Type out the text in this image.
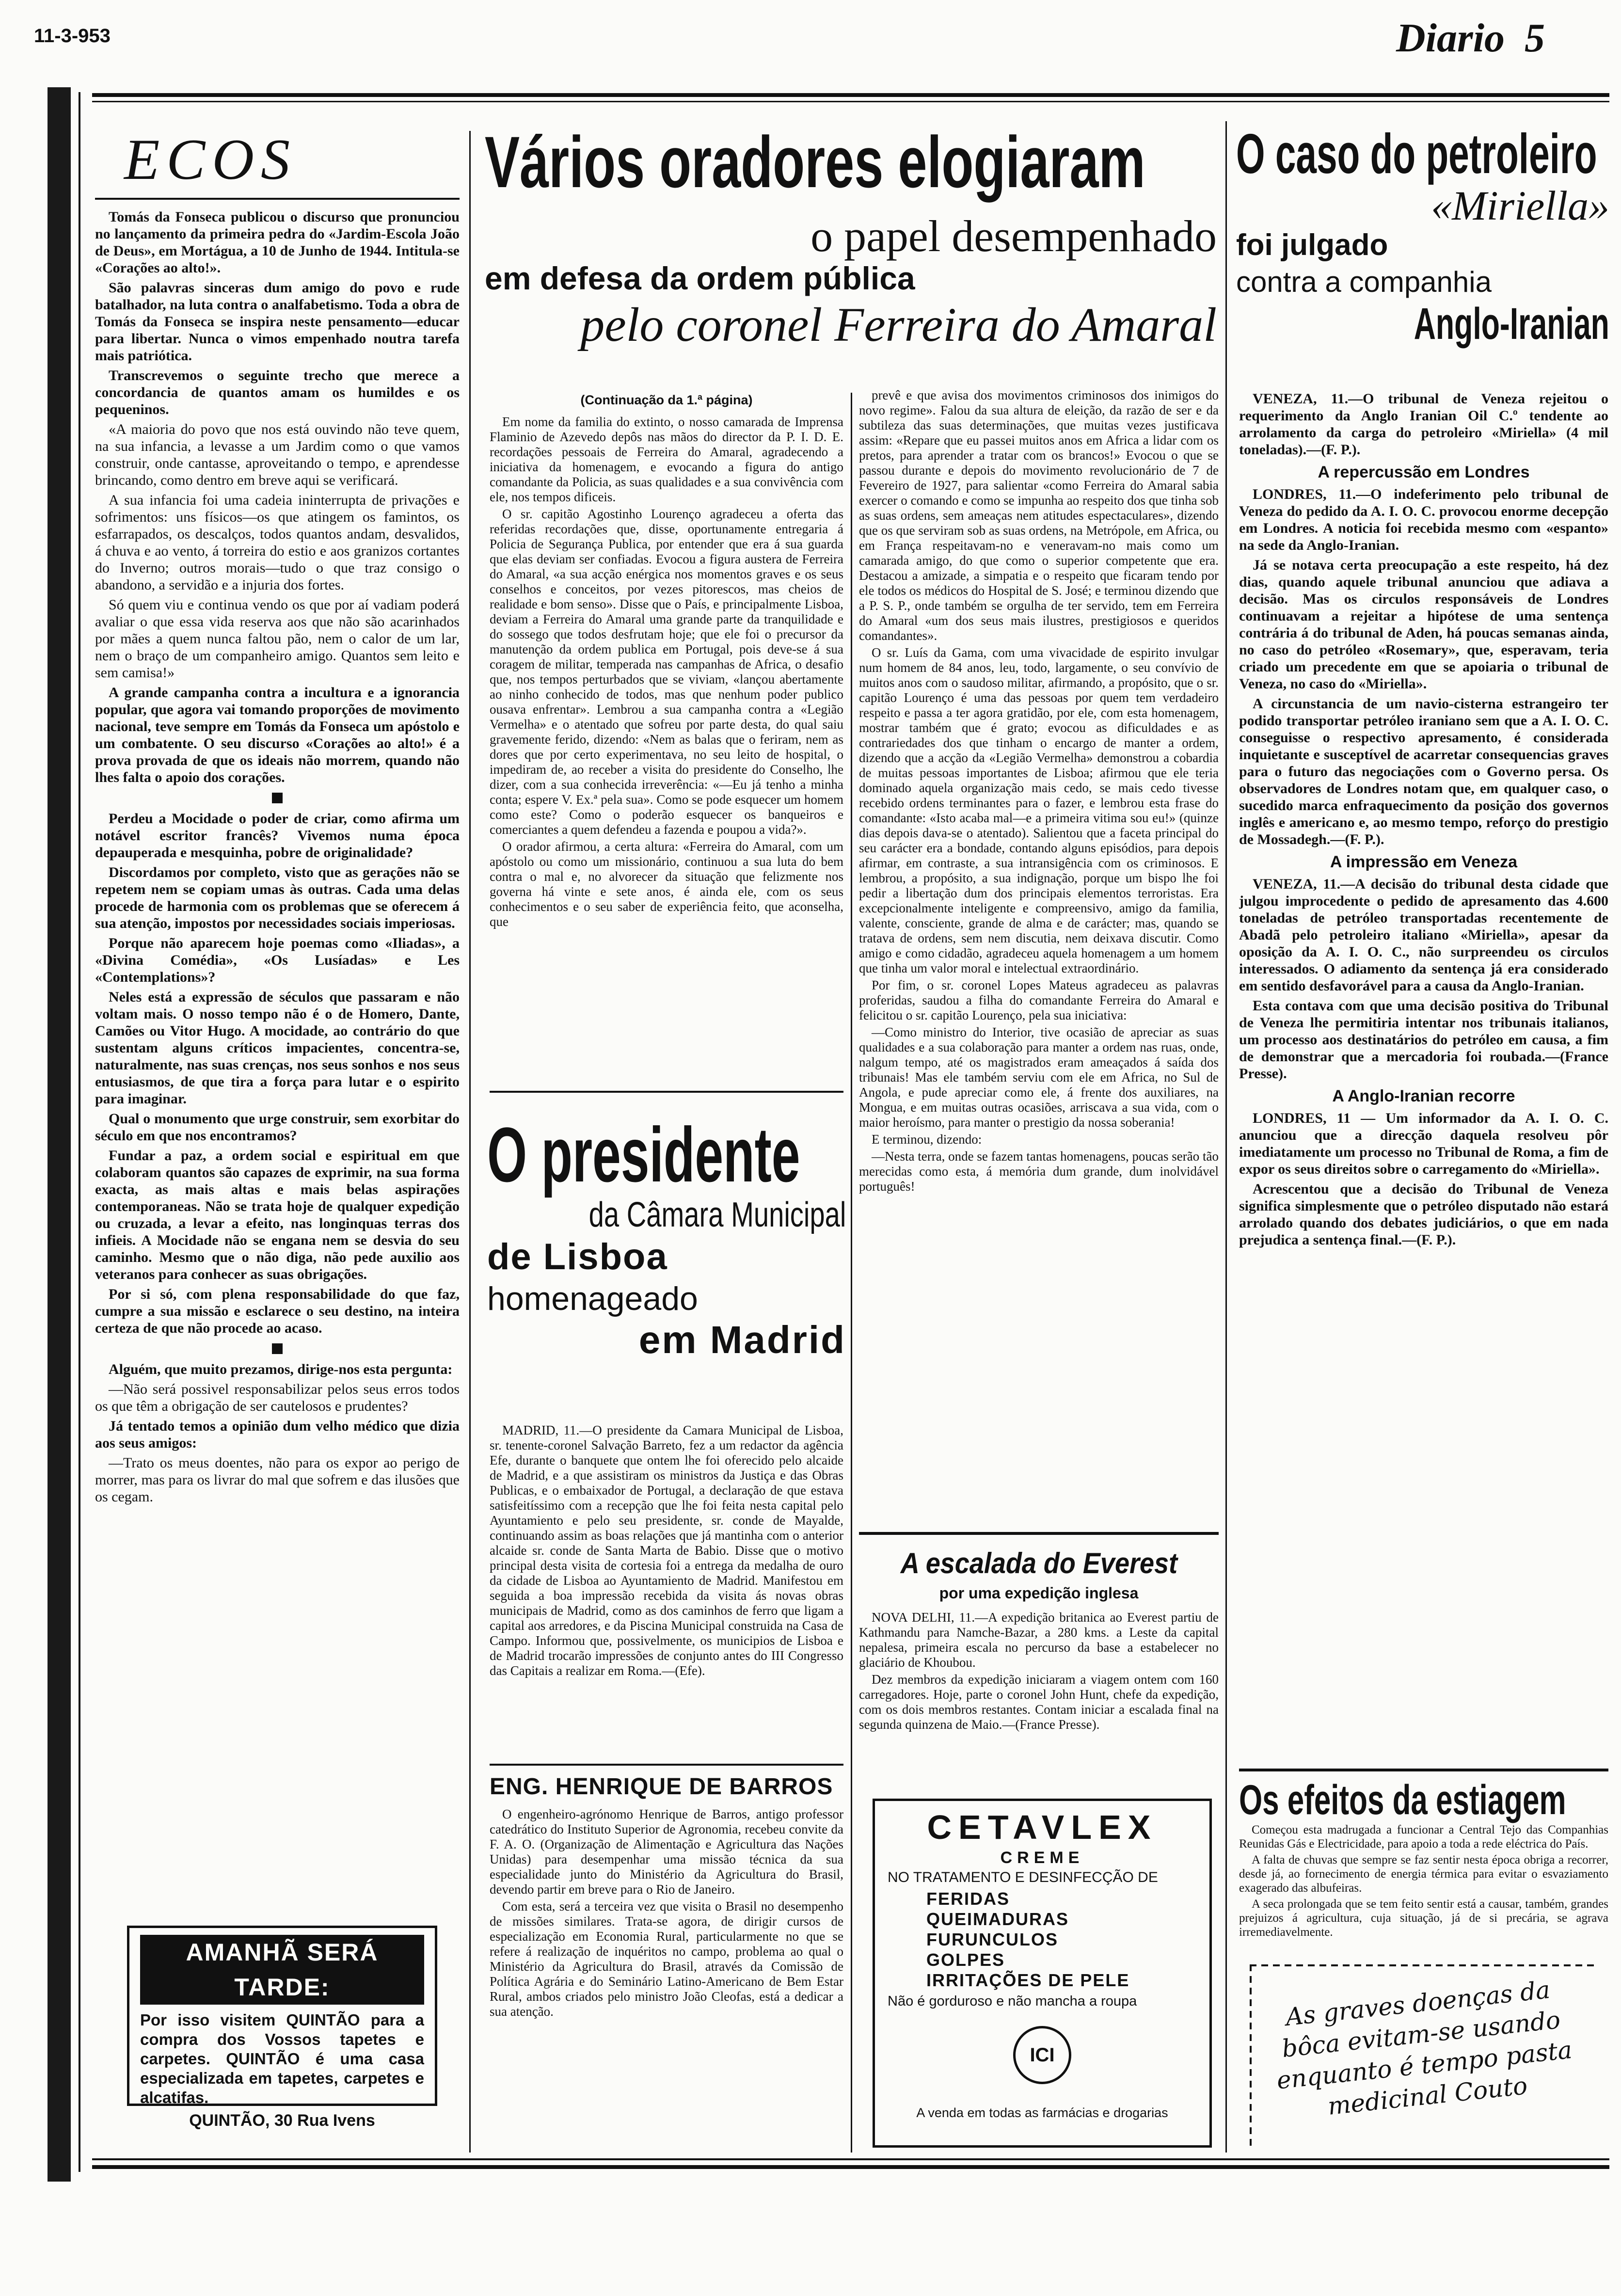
11-3-953	Diario 5
ECOS

Tomás da Fonseca publicou o discurso que pronunciou no lançamento da primeira pedra do «Jardim-Escola João de Deus», em Mortágua, a 10 de Junho de 1944. Intitula-se «Corações ao alto!».

São palavras sinceras dum amigo do povo e rude batalhador, na luta contra o analfabetismo. Toda a obra de Tomás da Fonseca se inspira neste pensamento—educar para libertar. Nunca o vimos empenhado noutra tarefa mais patriótica.

Transcrevemos o seguinte trecho que merece a concordancia de quantos amam os humildes e os pequeninos.

«A maioria do povo que nos está ouvindo não teve quem, na sua infancia, a levasse a um Jardim como o que vamos construir, onde cantasse, aproveitando o tempo, e aprendesse brincando, como dentro em breve aqui se verificará.

A sua infancia foi uma cadeia ininterrupta de privações e sofrimentos: uns físicos—os que atingem os famintos, os esfarrapados, os descalços, todos quantos andam, desvalidos, á chuva e ao vento, á torreira do estio e aos granizos cortantes do Inverno; outros morais—tudo o que traz consigo o abandono, a servidão e a injuria dos fortes.

Só quem viu e continua vendo os que por aí vadiam poderá avaliar o que essa vida reserva aos que não são acarinhados por mães a quem nunca faltou pão, nem o calor de um lar, nem o braço de um companheiro amigo. Quantos sem leito e sem camisa!»

A grande campanha contra a incultura e a ignorancia popular, que agora vai tomando proporções de movimento nacional, teve sempre em Tomás da Fonseca um apóstolo e um combatente. O seu discurso «Corações ao alto!» é a prova provada de que os ideais não morrem, quando não lhes falta o apoio dos corações.

Perdeu a Mocidade o poder de criar, como afirma um notável escritor francês? Vivemos numa época depauperada e mesquinha, pobre de originalidade?

Discordamos por completo, visto que as gerações não se repetem nem se copiam umas às outras. Cada uma delas procede de harmonia com os problemas que se oferecem á sua atenção, impostos por necessidades sociais imperiosas.

Porque não aparecem hoje poemas como «Iliadas», a «Divina Comédia», «Os Lusíadas» e Les «Contemplations»?

Neles está a expressão de séculos que passaram e não voltam mais. O nosso tempo não é o de Homero, Dante, Camões ou Vitor Hugo. A mocidade, ao contrário do que sustentam alguns críticos impacientes, concentra-se, naturalmente, nas suas crenças, nos seus sonhos e nos seus entusiasmos, de que tira a força para lutar e o espirito para imaginar.

Qual o monumento que urge construir, sem exorbitar do século em que nos encontramos?

Fundar a paz, a ordem social e espiritual em que colaboram quantos são capazes de exprimir, na sua forma exacta, as mais altas e mais belas aspirações contemporaneas. Não se trata hoje de qualquer expedição ou cruzada, a levar a efeito, nas longinquas terras dos infieis. A Mocidade não se engana nem se desvia do seu caminho. Mesmo que o não diga, não pede auxilio aos veteranos para conhecer as suas obrigações.

Por si só, com plena responsabilidade do que faz, cumpre a sua missão e esclarece o seu destino, na inteira certeza de que não procede ao acaso.

Alguém, que muito prezamos, dirige-nos esta pergunta:

—Não será possivel responsabilizar pelos seus erros todos os que têm a obrigação de ser cautelosos e prudentes?

Já tentado temos a opinião dum velho médico que dizia aos seus amigos:

—Trato os meus doentes, não para os expor ao perigo de morrer, mas para os livrar do mal que sofrem e das ilusões que os cegam.

AMANHÃ SERÁ TARDE:
Por isso visitem QUINTÃO para a compra dos Vossos tapetes e carpetes. QUINTÃO é uma casa especializada em tapetes, carpetes e alcatifas.
QUINTÃO, 30 Rua Ivens
Vários oradores elogiaram
o papel desempenhado
em defesa da ordem pública
pelo coronel Ferreira do Amaral
(Continuação da 1.ª página)

Em nome da familia do extinto, o nosso camarada de Imprensa Flaminio de Azevedo depôs nas mãos do director da P. I. D. E. recordações pessoais de Ferreira do Amaral, agradecendo a iniciativa da homenagem, e evocando a figura do antigo comandante da Policia, as suas qualidades e a sua convivência com ele, nos tempos dificeis.

O sr. capitão Agostinho Lourenço agradeceu a oferta das referidas recordações que, disse, oportunamente entregaria á Policia de Segurança Publica, por entender que era á sua guarda que elas deviam ser confiadas. Evocou a figura austera de Ferreira do Amaral, «a sua acção enérgica nos momentos graves e os seus conselhos e conceitos, por vezes pitorescos, mas cheios de realidade e bom senso». Disse que o País, e principalmente Lisboa, deviam a Ferreira do Amaral uma grande parte da tranquilidade e do sossego que todos desfrutam hoje; que ele foi o precursor da manutenção da ordem publica em Portugal, pois deve-se á sua coragem de militar, temperada nas campanhas de Africa, o desafio que, nos tempos perturbados que se viviam, «lançou abertamente ao ninho conhecido de todos, mas que nenhum poder publico ousava enfrentar». Lembrou a sua campanha contra a «Legião Vermelha» e o atentado que sofreu por parte desta, do qual saiu gravemente ferido, dizendo: «Nem as balas que o feriram, nem as dores que por certo experimentava, no seu leito de hospital, o impediram de, ao receber a visita do presidente do Conselho, lhe dizer, com a sua conhecida irreverência: «—Eu já tenho a minha conta; espere V. Ex.ª pela sua». Como se pode esquecer um homem como este? Como o poderão esquecer os banqueiros e comerciantes a quem defendeu a fazenda e poupou a vida?».

O orador afirmou, a certa altura: «Ferreira do Amaral, com um apóstolo ou como um missionário, continuou a sua luta do bem contra o mal e, no alvorecer da situação que felizmente nos governa há vinte e sete anos, é ainda ele, com os seus conhecimentos e o seu saber de experiência feito, que aconselha, que

prevê e que avisa dos movimentos criminosos dos inimigos do novo regime». Falou da sua altura de eleição, da razão de ser e da subtileza das suas determinações, que muitas vezes justificava assim: «Repare que eu passei muitos anos em Africa a lidar com os pretos, para aprender a tratar com os brancos!» Evocou o que se passou durante e depois do movimento revolucionário de 7 de Fevereiro de 1927, para salientar «como Ferreira do Amaral sabia exercer o comando e como se impunha ao respeito dos que tinha sob as suas ordens, sem ameaças nem atitudes espectaculares», dizendo que os que serviram sob as suas ordens, na Metrópole, em Africa, ou em França respeitavam-no e veneravam-no mais como um camarada amigo, do que como o superior competente que era. Destacou a amizade, a simpatia e o respeito que ficaram tendo por ele todos os médicos do Hospital de S. José; e terminou dizendo que a P. S. P., onde também se orgulha de ter servido, tem em Ferreira do Amaral «um dos seus mais ilustres, prestigiosos e queridos comandantes».

O sr. Luís da Gama, com uma vivacidade de espirito invulgar num homem de 84 anos, leu, todo, largamente, o seu convívio de muitos anos com o saudoso militar, afirmando, a propósito, que o sr. capitão Lourenço é uma das pessoas por quem tem verdadeiro respeito e passa a ter agora gratidão, por ele, com esta homenagem, mostrar também que é grato; evocou as dificuldades e as contrariedades dos que tinham o encargo de manter a ordem, dizendo que a acção da «Legião Vermelha» demonstrou a cobardia de muitas pessoas importantes de Lisboa; afirmou que ele teria dominado aquela organização mais cedo, se mais cedo tivesse recebido ordens terminantes para o fazer, e lembrou esta frase do comandante: «Isto acaba mal—e a primeira vitima sou eu!» (quinze dias depois dava-se o atentado). Salientou que a faceta principal do seu carácter era a bondade, contando alguns episódios, para depois afirmar, em contraste, a sua intransigência com os criminosos. E lembrou, a propósito, a sua indignação, porque um bispo lhe foi pedir a libertação dum dos principais elementos terroristas. Era excepcionalmente inteligente e compreensivo, amigo da familia, valente, consciente, grande de alma e de carácter; mas, quando se tratava de ordens, sem nem discutia, nem deixava discutir. Como amigo e como cidadão, agradeceu aquela homenagem a um homem que tinha um valor moral e intelectual extraordinário.

Por fim, o sr. coronel Lopes Mateus agradeceu as palavras proferidas, saudou a filha do comandante Ferreira do Amaral e felicitou o sr. capitão Lourenço, pela sua iniciativa:

—Como ministro do Interior, tive ocasião de apreciar as suas qualidades e a sua colaboração para manter a ordem nas ruas, onde, nalgum tempo, até os magistrados eram ameaçados á saída dos tribunais! Mas ele também serviu com ele em Africa, no Sul de Angola, e pude apreciar como ele, á frente dos auxiliares, na Mongua, e em muitas outras ocasiões, arriscava a sua vida, com o maior heroísmo, para manter o prestigio da nossa soberania!

E terminou, dizendo:

—Nesta terra, onde se fazem tantas homenagens, poucas serão tão merecidas como esta, á memória dum grande, dum inolvidável português!

O presidente
da Câmara Municipal
de Lisboa
homenageado
em Madrid

MADRID, 11.—O presidente da Camara Municipal de Lisboa, sr. tenente-coronel Salvação Barreto, fez a um redactor da agência Efe, durante o banquete que ontem lhe foi oferecido pelo alcaide de Madrid, e a que assistiram os ministros da Justiça e das Obras Publicas, e o embaixador de Portugal, a declaração de que estava satisfeitíssimo com a recepção que lhe foi feita nesta capital pelo Ayuntamiento e pelo seu presidente, sr. conde de Mayalde, continuando assim as boas relações que já mantinha com o anterior alcaide sr. conde de Santa Marta de Babio. Disse que o motivo principal desta visita de cortesia foi a entrega da medalha de ouro da cidade de Lisboa ao Ayuntamiento de Madrid. Manifestou em seguida a boa impressão recebida da visita ás novas obras municipais de Madrid, como as dos caminhos de ferro que ligam a capital aos arredores, e da Piscina Municipal construida na Casa de Campo. Informou que, possivelmente, os municipios de Lisboa e de Madrid trocarão impressões de conjunto antes do III Congresso das Capitais a realizar em Roma.—(Efe).

ENG. HENRIQUE DE BARROS

O engenheiro-agrónomo Henrique de Barros, antigo professor catedrático do Instituto Superior de Agronomia, recebeu convite da F. A. O. (Organização de Alimentação e Agricultura das Nações Unidas) para desempenhar uma missão técnica da sua especialidade junto do Ministério da Agricultura do Brasil, devendo partir em breve para o Rio de Janeiro.

Com esta, será a terceira vez que visita o Brasil no desempenho de missões similares. Trata-se agora, de dirigir cursos de especialização em Economia Rural, particularmente no que se refere á realização de inquéritos no campo, problema ao qual o Ministério da Agricultura do Brasil, através da Comissão de Política Agrária e do Seminário Latino-Americano de Bem Estar Rural, ambos criados pelo ministro João Cleofas, está a dedicar a sua atenção.

A escalada do Everest
por uma expedição inglesa

NOVA DELHI, 11.—A expedição britanica ao Everest partiu de Kathmandu para Namche-Bazar, a 280 kms. a Leste da capital nepalesa, primeira escala no percurso da base a estabelecer no glaciário de Khoubou.

Dez membros da expedição iniciaram a viagem ontem com 160 carregadores. Hoje, parte o coronel John Hunt, chefe da expedição, com os dois membros restantes. Contam iniciar a escalada final na segunda quinzena de Maio.—(France Presse).

CETAVLEX
CREME
NO TRATAMENTO E DESINFECÇÃO DE
FERIDAS
QUEIMADURAS
FURUNCULOS
GOLPES
IRRITAÇÕES DE PELE
Não é gorduroso e não mancha a roupa
ICI
A venda em todas as farmácias e drogarias
O caso do petroleiro
«Miriella»
foi julgado
contra a companhia
Anglo-Iranian

VENEZA, 11.—O tribunal de Veneza rejeitou o requerimento da Anglo Iranian Oil C.º tendente ao arrolamento da carga do petroleiro «Miriella» (4 mil toneladas).—(F. P.).

A repercussão em Londres

LONDRES, 11.—O indeferimento pelo tribunal de Veneza do pedido da A. I. O. C. provocou enorme decepção em Londres. A noticia foi recebida mesmo com «espanto» na sede da Anglo-Iranian.

Já se notava certa preocupação a este respeito, há dez dias, quando aquele tribunal anunciou que adiava a decisão. Mas os circulos responsáveis de Londres continuavam a rejeitar a hipótese de uma sentença contrária á do tribunal de Aden, há poucas semanas ainda, no caso do petróleo «Rosemary», que, esperavam, teria criado um precedente em que se apoiaria o tribunal de Veneza, no caso do «Miriella».

A circunstancia de um navio-cisterna estrangeiro ter podido transportar petróleo iraniano sem que a A. I. O. C. conseguisse o respectivo apresamento, é considerada inquietante e susceptível de acarretar consequencias graves para o futuro das negociações com o Governo persa. Os observadores de Londres notam que, em qualquer caso, o sucedido marca enfraquecimento da posição dos governos inglês e americano e, ao mesmo tempo, reforço do prestigio de Mossadegh.—(F. P.).

A impressão em Veneza

VENEZA, 11.—A decisão do tribunal desta cidade que julgou improcedente o pedido de apresamento das 4.600 toneladas de petróleo transportadas recentemente de Abadã pelo petroleiro italiano «Miriella», apesar da oposição da A. I. O. C., não surpreendeu os circulos interessados. O adiamento da sentença já era considerado em sentido desfavorável para a causa da Anglo-Iranian.

Esta contava com que uma decisão positiva do Tribunal de Veneza lhe permitiria intentar nos tribunais italianos, um processo aos destinatários do petróleo em causa, a fim de demonstrar que a mercadoria foi roubada.—(France Presse).

A Anglo-Iranian recorre

LONDRES, 11 — Um informador da A. I. O. C. anunciou que a direcção daquela resolveu pôr imediatamente um processo no Tribunal de Roma, a fim de expor os seus direitos sobre o carregamento do «Miriella».

Acrescentou que a decisão do Tribunal de Veneza significa simplesmente que o petróleo disputado não estará arrolado quando dos debates judiciários, o que em nada prejudica a sentença final.—(F. P.).

Os efeitos da estiagem

Começou esta madrugada a funcionar a Central Tejo das Companhias Reunidas Gás e Electricidade, para apoio a toda a rede eléctrica do País.

A falta de chuvas que sempre se faz sentir nesta época obriga a recorrer, desde já, ao fornecimento de energia térmica para evitar o esvaziamento exagerado das albufeiras.

A seca prolongada que se tem feito sentir está a causar, também, grandes prejuizos á agricultura, cuja situação, já de si precária, se agrava irremediavelmente.

As graves doenças da bôca evitam-se usando enquanto é tempo pasta medicinal Couto
